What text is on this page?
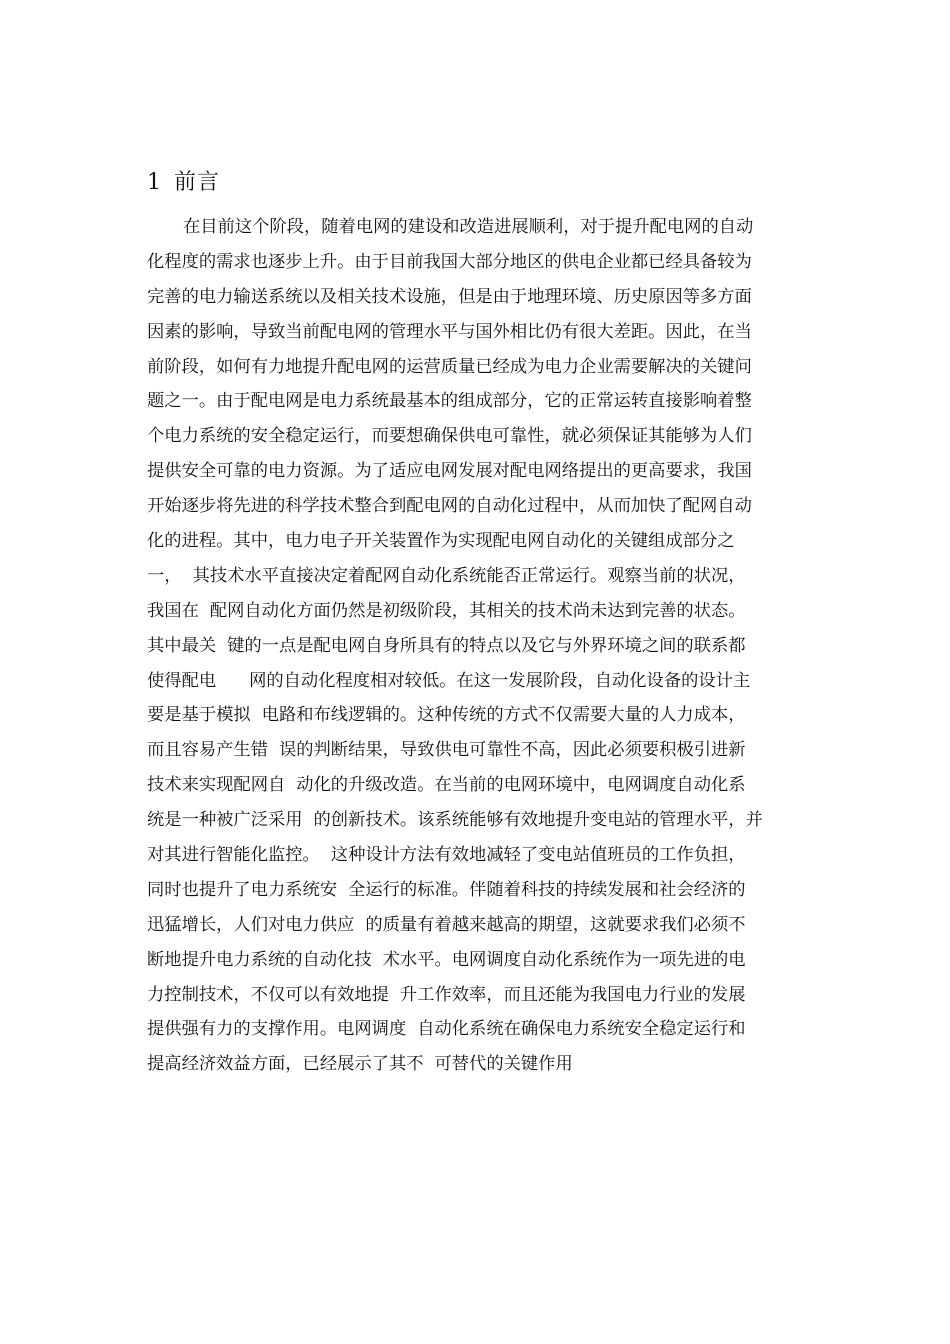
1 前言
在目前这个阶段，随着电网的建设和改造进展顺利，对于提升配电网的自动
化程度的需求也逐步上升。由于目前我国大部分地区的供电企业都已经具备较为
完善的电力输送系统以及相关技术设施，但是由于地理环境、历史原因等多方面
因素的影响，导致当前配电网的管理水平与国外相比仍有很大差距。因此，在当
前阶段，如何有力地提升配电网的运营质量已经成为电力企业需要解决的关键问
题之一。由于配电网是电力系统最基本的组成部分，它的正常运转直接影响着整
个电力系统的安全稳定运行，而要想确保供电可靠性，就必须保证其能够为人们
提供安全可靠的电力资源。为了适应电网发展对配电网络提出的更高要求，我国
开始逐步将先进的科学技术整合到配电网的自动化过程中，从而加快了配网自动
化的进程。其中，电力电子开关装置作为实现配电网自动化的关键组成部分之
一，  其技术水平直接决定着配网自动化系统能否正常运行。观察当前的状况，
我国在  配网自动化方面仍然是初级阶段，其相关的技术尚未达到完善的状态。
其中最关  键的一点是配电网自身所具有的特点以及它与外界环境之间的联系都
使得配电      网的自动化程度相对较低。在这一发展阶段，自动化设备的设计主
要是基于模拟  电路和布线逻辑的。这种传统的方式不仅需要大量的人力成本，
而且容易产生错  误的判断结果，导致供电可靠性不高，因此必须要积极引进新
技术来实现配网自  动化的升级改造。在当前的电网环境中，电网调度自动化系
统是一种被广泛采用  的创新技术。该系统能够有效地提升变电站的管理水平，并
对其进行智能化监控。  这种设计方法有效地减轻了变电站值班员的工作负担，
同时也提升了电力系统安  全运行的标准。伴随着科技的持续发展和社会经济的
迅猛增长，人们对电力供应  的质量有着越来越高的期望，这就要求我们必须不
断地提升电力系统的自动化技  术水平。电网调度自动化系统作为一项先进的电
力控制技术，不仅可以有效地提  升工作效率，而且还能为我国电力行业的发展
提供强有力的支撑作用。电网调度  自动化系统在确保电力系统安全稳定运行和
提高经济效益方面，已经展示了其不  可替代的关键作用
